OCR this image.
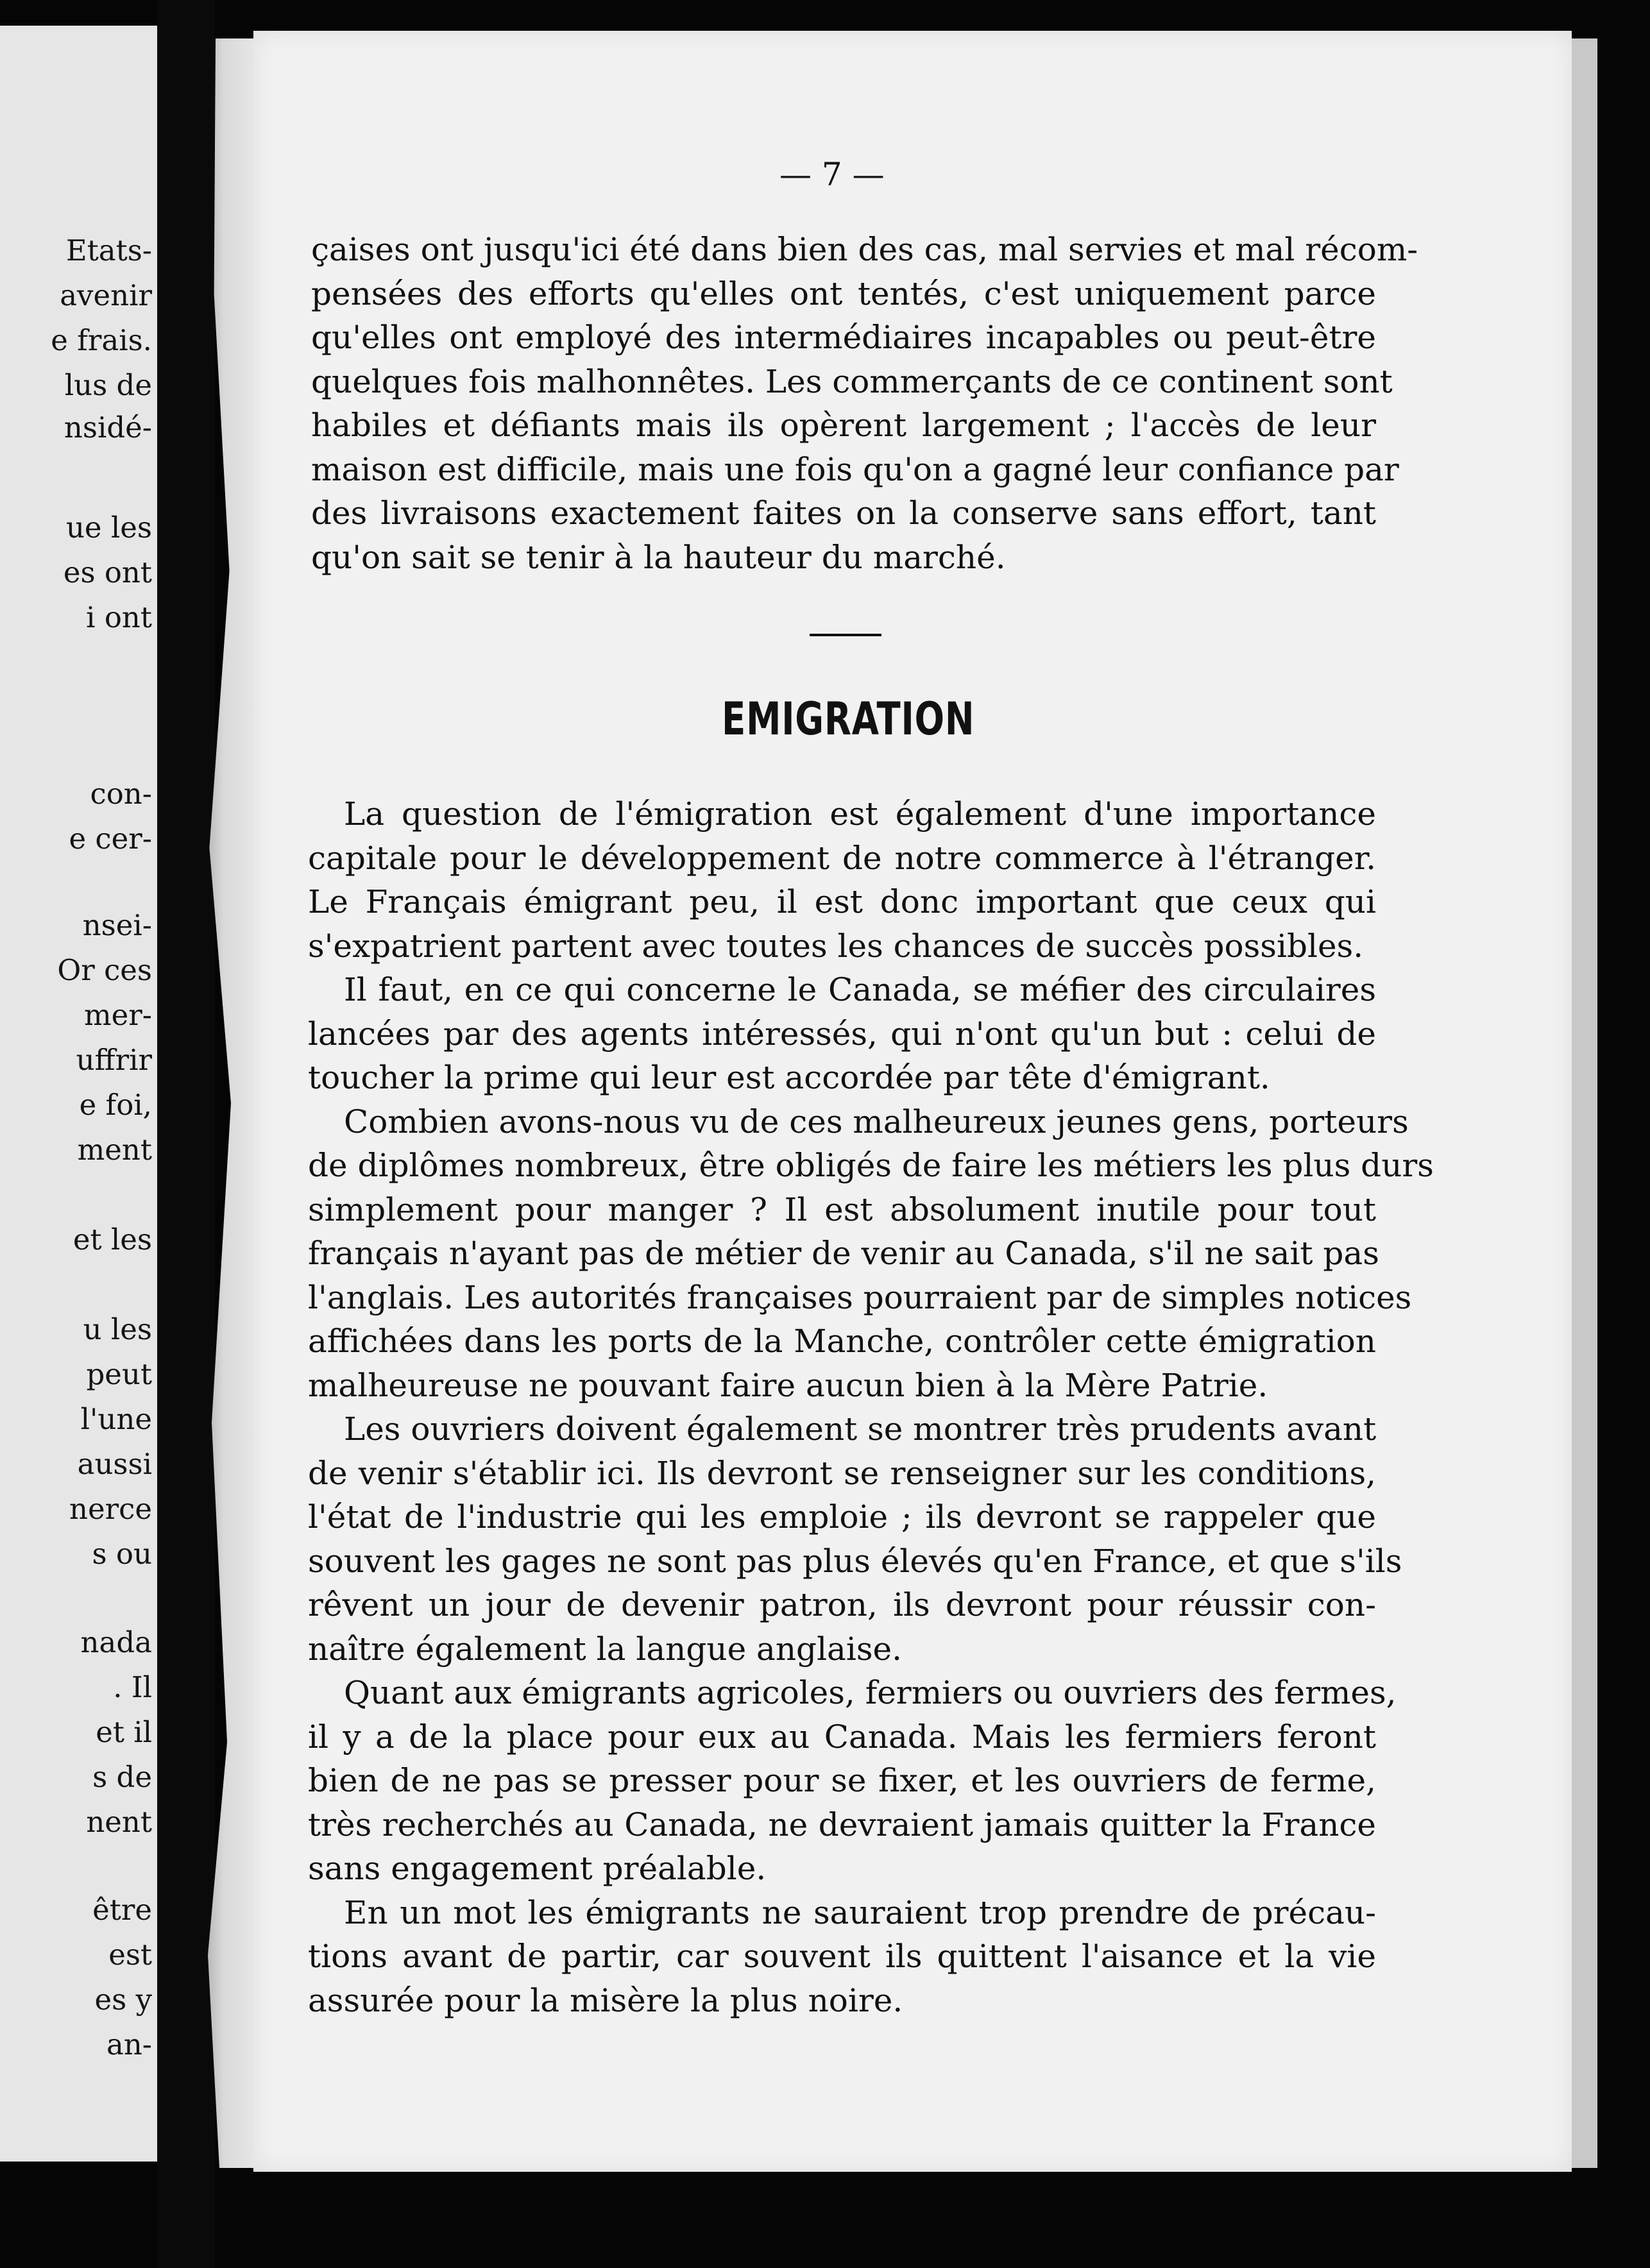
Etats-
avenir
e frais.
lus de
nsidé-
ue les
es ont
i ont
con-
e cer-
nsei-
Or ces
mer-
uffrir
e foi,
ment
et les
u les
peut
l'une
aussi
nerce
s ou
nada
. Il
et il
s de
nent
être
est
es y
an-
— 7 —
çaises ont jusqu'ici été dans bien des cas, mal servies et mal récom-
pensées des efforts qu'elles ont tentés, c'est uniquement parce
qu'elles ont employé des intermédiaires incapables ou peut-être
quelques fois malhonnêtes. Les commerçants de ce continent sont
habiles et défiants mais ils opèrent largement ; l'accès de leur
maison est difficile, mais une fois qu'on a gagné leur confiance par
des livraisons exactement faites on la conserve sans effort, tant
qu'on sait se tenir à la hauteur du marché.
EMIGRATION
La question de l'émigration est également d'une importance
capitale pour le développement de notre commerce à l'étranger.
Le Français émigrant peu, il est donc important que ceux qui
s'expatrient partent avec toutes les chances de succès possibles.
Il faut, en ce qui concerne le Canada, se méfier des circulaires
lancées par des agents intéressés, qui n'ont qu'un but : celui de
toucher la prime qui leur est accordée par tête d'émigrant.
Combien avons-nous vu de ces malheureux jeunes gens, porteurs
de diplômes nombreux, être obligés de faire les métiers les plus durs
simplement pour manger ? Il est absolument inutile pour tout
français n'ayant pas de métier de venir au Canada, s'il ne sait pas
l'anglais. Les autorités françaises pourraient par de simples notices
affichées dans les ports de la Manche, contrôler cette émigration
malheureuse ne pouvant faire aucun bien à la Mère Patrie.
Les ouvriers doivent également se montrer très prudents avant
de venir s'établir ici. Ils devront se renseigner sur les conditions,
l'état de l'industrie qui les emploie ; ils devront se rappeler que
souvent les gages ne sont pas plus élevés qu'en France, et que s'ils
rêvent un jour de devenir patron, ils devront pour réussir con-
naître également la langue anglaise.
Quant aux émigrants agricoles, fermiers ou ouvriers des fermes,
il y a de la place pour eux au Canada. Mais les fermiers feront
bien de ne pas se presser pour se fixer, et les ouvriers de ferme,
très recherchés au Canada, ne devraient jamais quitter la France
sans engagement préalable.
En un mot les émigrants ne sauraient trop prendre de précau-
tions avant de partir, car souvent ils quittent l'aisance et la vie
assurée pour la misère la plus noire.
